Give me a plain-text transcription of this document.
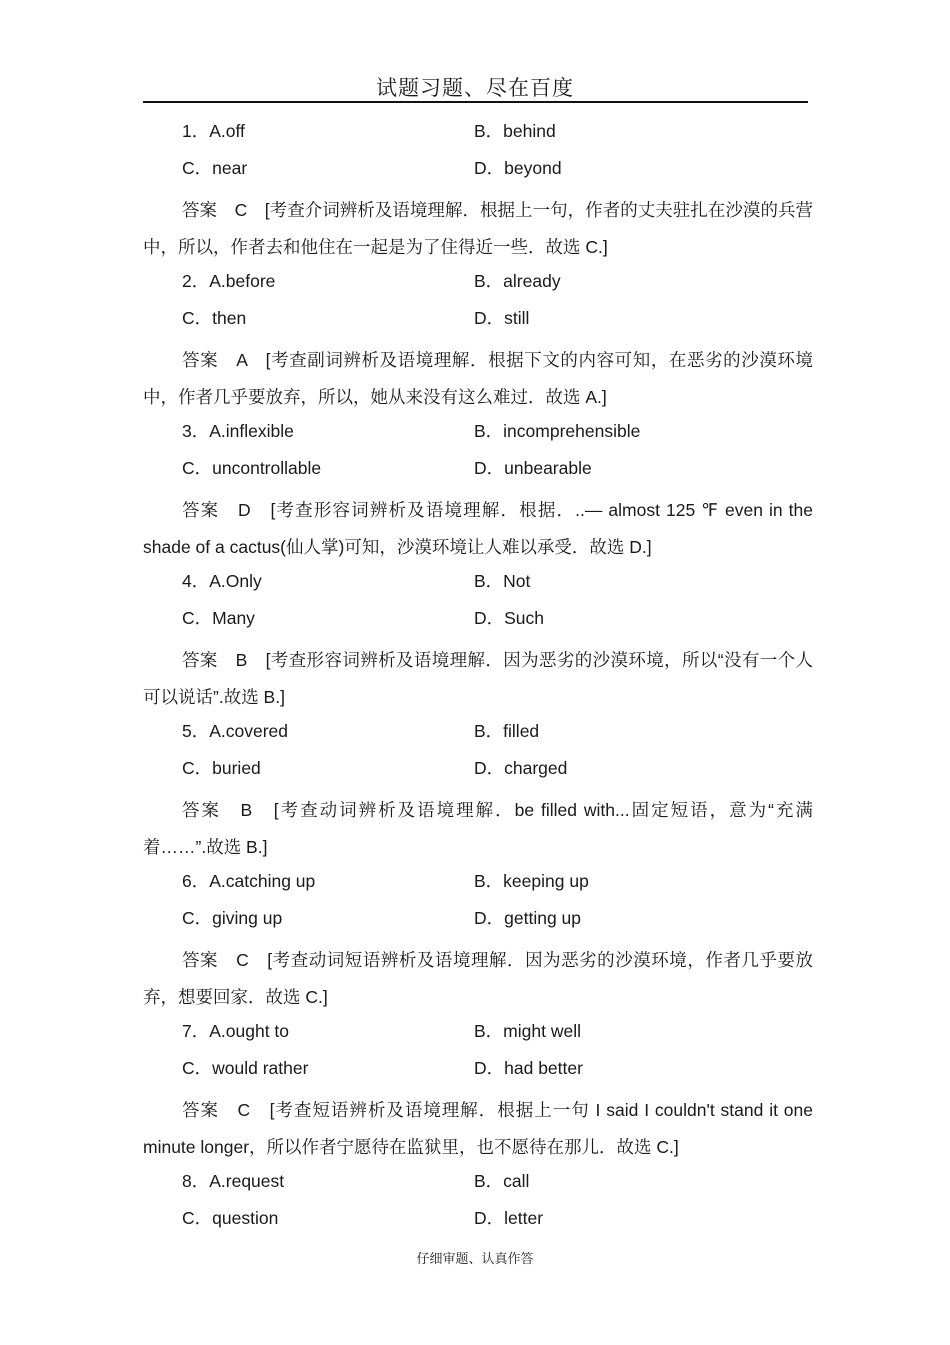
试题习题、尽在百度
1．A.off	B．behind
C．near	D．beyond

答案　C　[考查介词辨析及语境理解．根据上一句，作者的丈夫驻扎在沙漠的兵营中，所以，作者去和他住在一起是为了住得近一些．故选 C.]

2．A.before	B．already
C．then	D．still

答案　A　[考查副词辨析及语境理解．根据下文的内容可知，在恶劣的沙漠环境中，作者几乎要放弃，所以，她从来没有这么难过．故选 A.]

3．A.inflexible	B．incomprehensible
C．uncontrollable	D．unbearable

答案　D　[考查形容词辨析及语境理解．根据．..— almost 125 ℉ even in the shade of a cactus(仙人掌)可知，沙漠环境让人难以承受．故选 D.]

4．A.Only	B．Not
C．Many	D．Such

答案　B　[考查形容词辨析及语境理解．因为恶劣的沙漠环境，所以“没有一个人可以说话”.故选 B.]

5．A.covered	B．filled
C．buried	D．charged

答案　B　[考查动词辨析及语境理解．be filled with...固定短语，意为“充满着……”.故选 B.]

6．A.catching up	B．keeping up
C．giving up	D．getting up

答案　C　[考查动词短语辨析及语境理解．因为恶劣的沙漠环境，作者几乎要放弃，想要回家．故选 C.]

7．A.ought to	B．might well
C．would rather	D．had better

答案　C　[考查短语辨析及语境理解．根据上一句 I said I couldn't stand it one minute longer，所以作者宁愿待在监狱里，也不愿待在那儿．故选 C.]

8．A.request	B．call
C．question	D．letter
仔细审题、认真作答
